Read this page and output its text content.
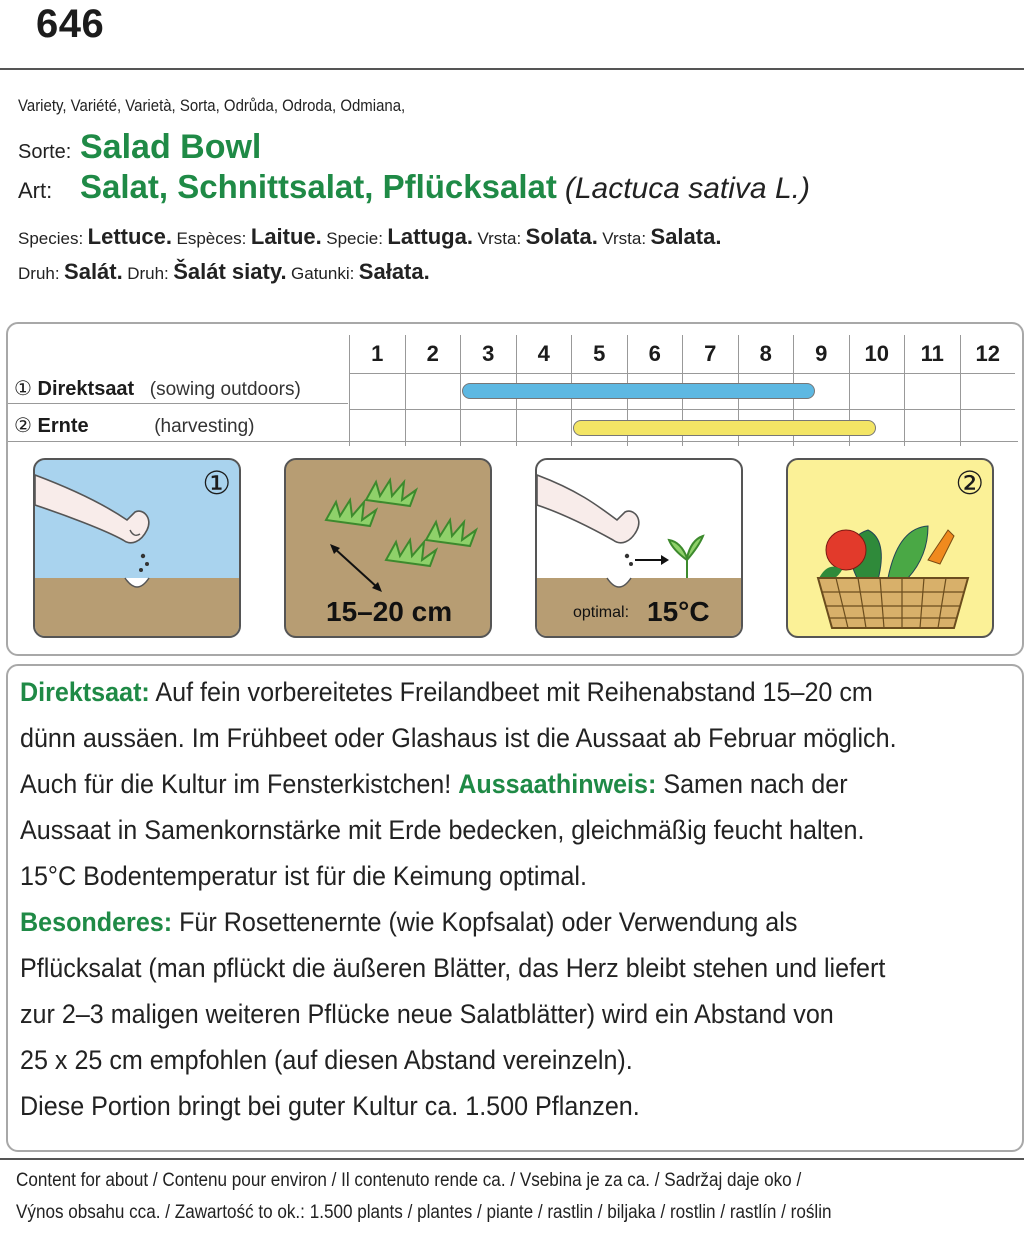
646
Variety, Variété, Varietà, Sorta, Odrůda, Odroda, Odmiana,
Sorte: Salad Bowl
Art: Salat, Schnittsalat, Pflücksalat (Lactuca sativa L.)
Species: Lettuce. Espèces: Laitue. Specie: Lattuga. Vrsta: Solata. Vrsta: Salata.
Druh: Salát. Druh: Šalát siaty. Gatunki: Sałata.
1	2	3	4	5	6	7	8	9	10	11	12
① Direktsaat (sowing outdoors)
② Ernte	(harvesting)
①
15–20 cm	optimal: 15°C
②
Direktsaat: Auf fein vorbereitetes Freilandbeet mit Reihenabstand 15–20 cm
dünn aussäen. Im Frühbeet oder Glashaus ist die Aussaat ab Februar möglich.
Auch für die Kultur im Fensterkistchen! Aussaathinweis: Samen nach der
Aussaat in Samenkornstärke mit Erde bedecken, gleichmäßig feucht halten.
15°C Bodentemperatur ist für die Keimung optimal.
Besonderes: Für Rosettenernte (wie Kopfsalat) oder Verwendung als
Pflücksalat (man pflückt die äußeren Blätter, das Herz bleibt stehen und liefert
zur 2–3 maligen weiteren Pflücke neue Salatblätter) wird ein Abstand von
25 x 25 cm empfohlen (auf diesen Abstand vereinzeln).
Diese Portion bringt bei guter Kultur ca. 1.500 Pflanzen.
Content for about / Contenu pour environ / Il contenuto rende ca. / Vsebina je za ca. / Sadržaj daje oko /
Výnos obsahu cca. / Zawartość to ok.: 1.500 plants / plantes / piante / rastlin / biljaka / rostlin / rastlín / roślin
